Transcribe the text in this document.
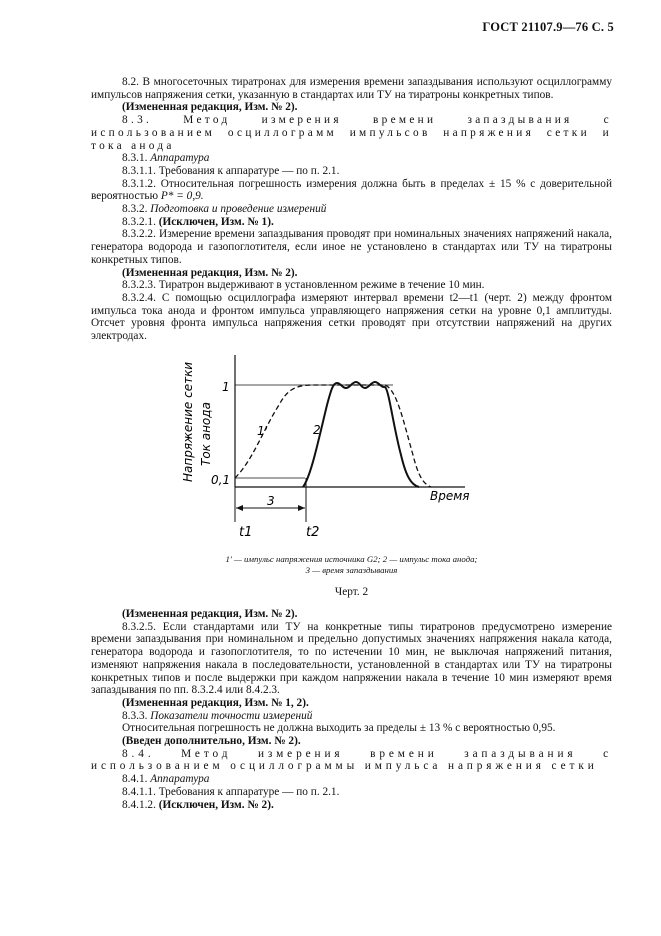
ГОСТ 21107.9—76 С. 5

8.2. В многосеточных тиратронах для измерения времени запаздывания используют осциллограмму импульсов напряжения сетки, указанную в стандартах или ТУ на тиратроны конкретных типов.

(Измененная редакция, Изм. № 2).

8.3. Метод измерения времени запаздывания с использованием осциллограмм импульсов напряжения сетки и тока анода

8.3.1. Аппаратура

8.3.1.1. Требования к аппаратуре — по п. 2.1.

8.3.1.2. Относительная погрешность измерения должна быть в пределах ± 15 % с доверительной вероятностью P* = 0,9.

8.3.2. Подготовка и проведение измерений

8.3.2.1. (Исключен, Изм. № 1).

8.3.2.2. Измерение времени запаздывания проводят при номинальных значениях напряжений накала, генератора водорода и газопоглотителя, если иное не установлено в стандартах или ТУ на тиратроны конкретных типов.

(Измененная редакция, Изм. № 2).

8.3.2.3. Тиратрон выдерживают в установленном режиме в течение 10 мин.

8.3.2.4. С помощью осциллографа измеряют интервал времени t2—t1 (черт. 2) между фронтом импульса тока анода и фронтом импульса управляющего напряжения сетки на уровне 0,1 амплитуды. Отсчет уровня фронта импульса напряжения сетки проводят при отсутствии напряжений на других электродах.

Напряжение сетки Ток анода
1
0,1
1'	2
3	Время
t1	t2
1' — импульс напряжения источника G2; 2 — импульс тока анода;
3 — время запаздывания
Черт. 2

(Измененная редакция, Изм. № 2).

8.3.2.5. Если стандартами или ТУ на конкретные типы тиратронов предусмотрено измерение времени запаздывания при номинальном и предельно допустимых значениях напряжения накала катода, генератора водорода и газопоглотителя, то по истечении 10 мин, не выключая напряжений питания, изменяют напряжения накала в последовательности, установленной в стандартах или ТУ на тиратроны конкретных типов и после выдержки при каждом напряжении накала в течение 10 мин измеряют время запаздывания по пп. 8.3.2.4 или 8.4.2.3.

(Измененная редакция, Изм. № 1, 2).

8.3.3. Показатели точности измерений

Относительная погрешность не должна выходить за пределы ± 13 % с вероятностью 0,95.

(Введен дополнительно, Изм. № 2).

8.4. Метод измерения времени запаздывания с использованием осциллограммы импульса напряжения сетки

8.4.1. Аппаратура

8.4.1.1. Требования к аппаратуре — по п. 2.1.

8.4.1.2. (Исключен, Изм. № 2).
